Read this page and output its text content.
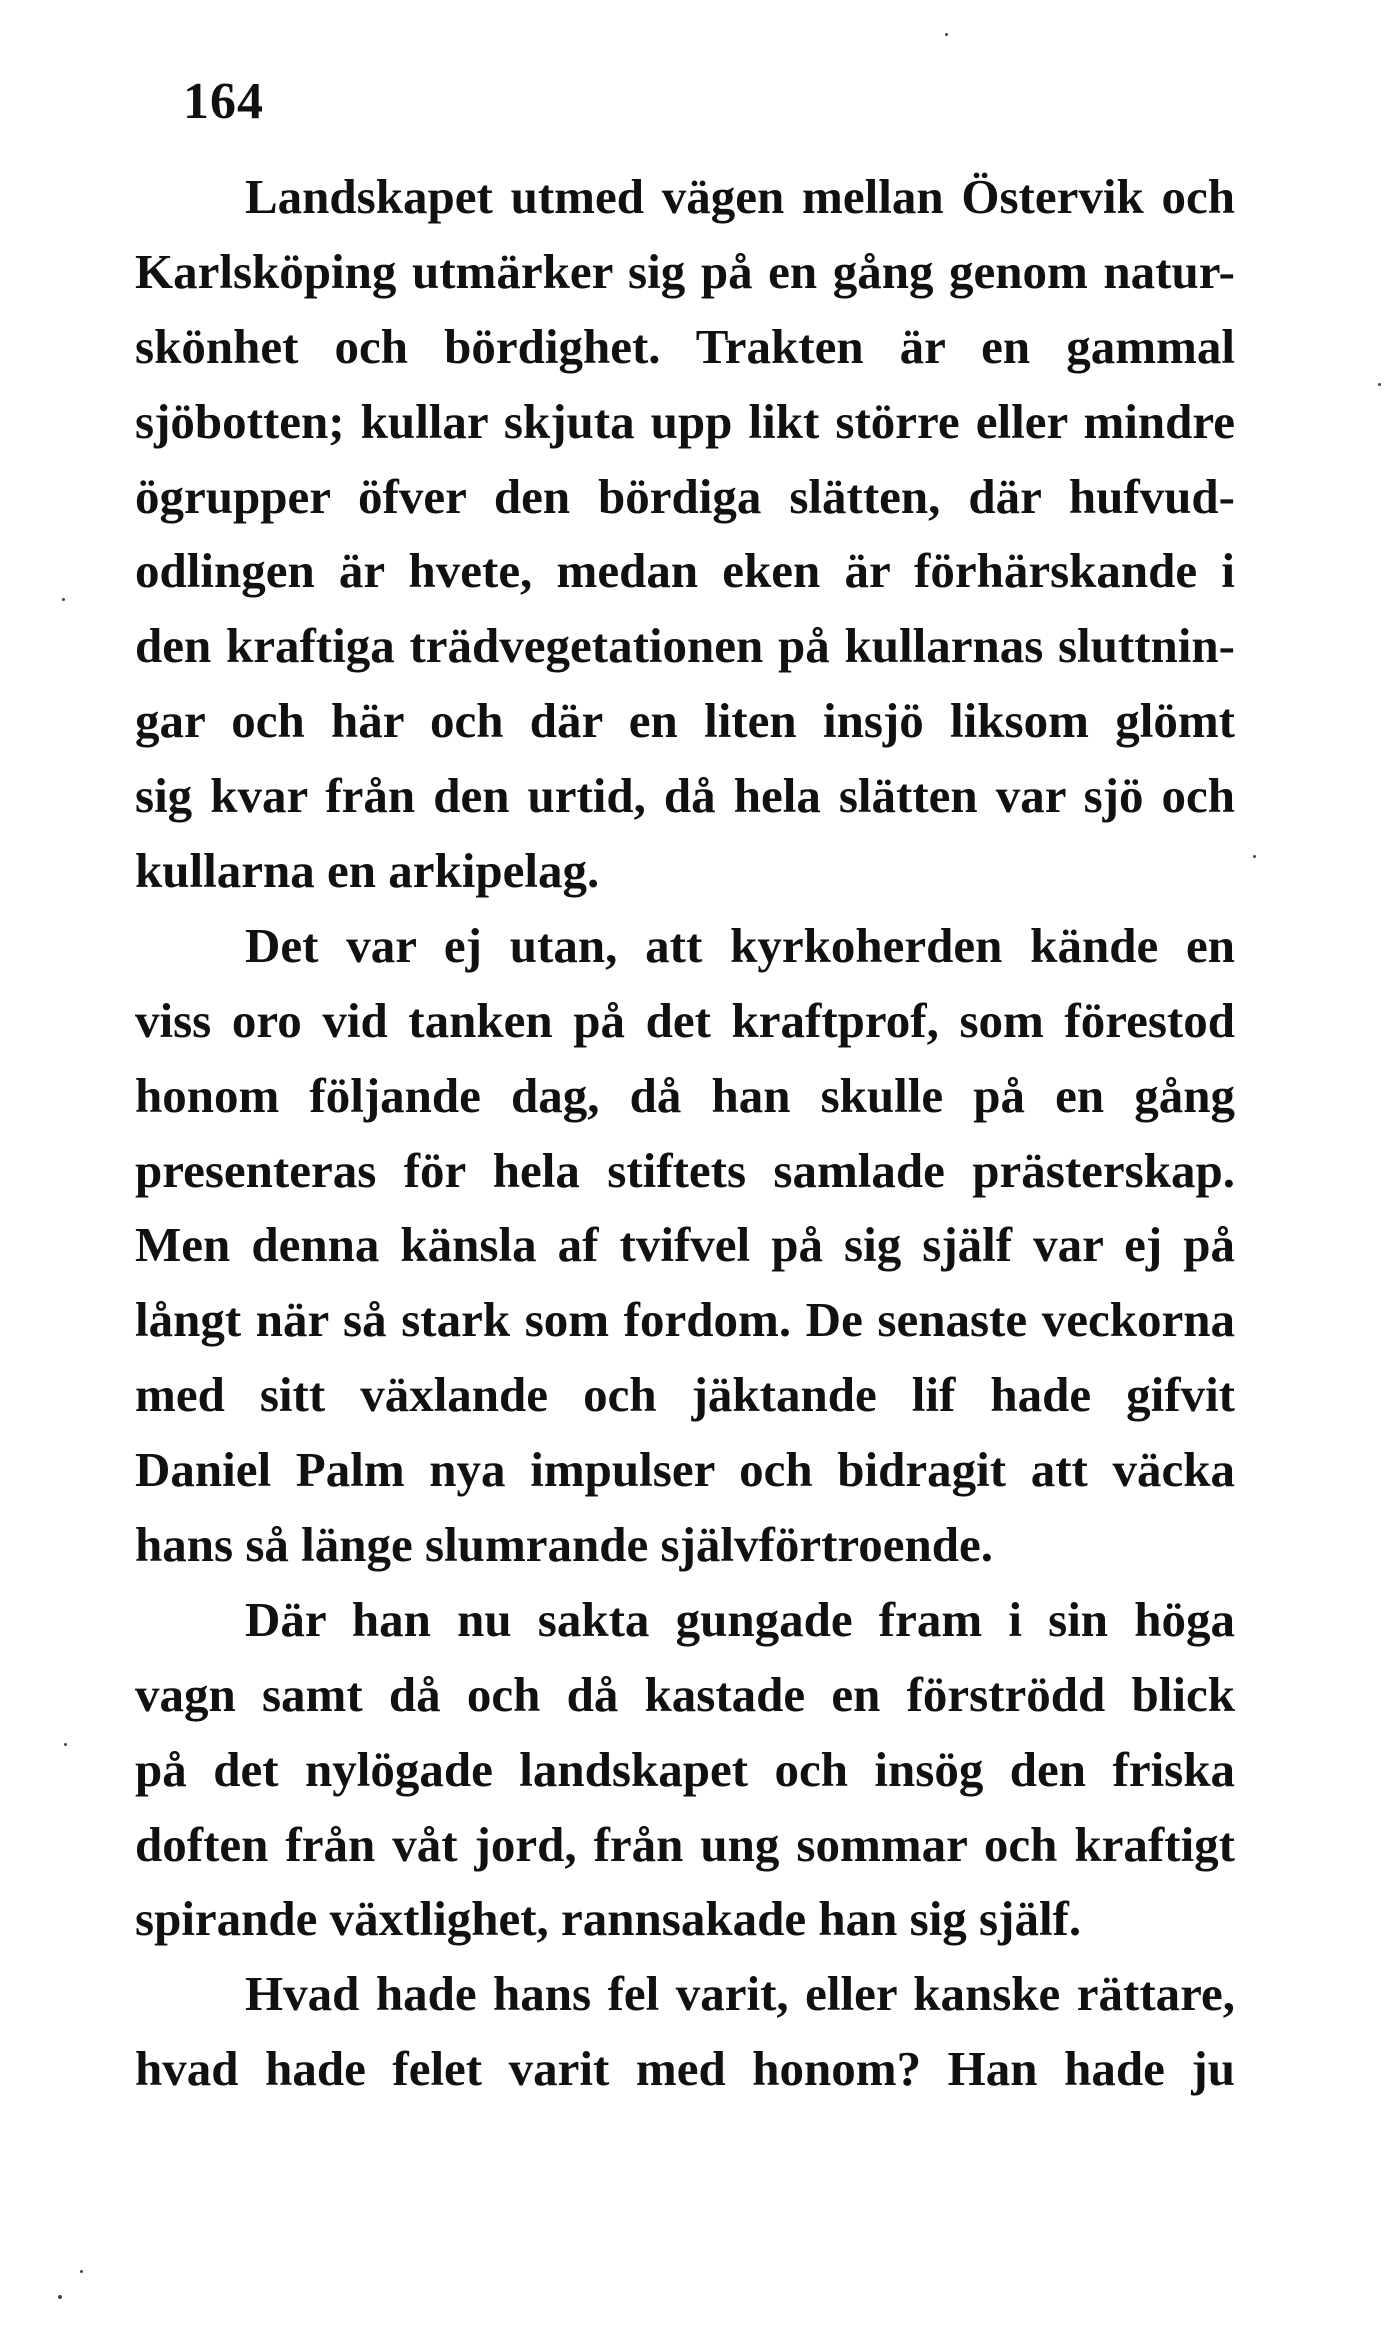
164
Landskapet utmed vägen mellan Östervik och
Karlsköping utmärker sig på en gång genom natur-
skönhet och bördighet. Trakten är en gammal
sjöbotten; kullar skjuta upp likt större eller mindre
ögrupper öfver den bördiga slätten, där hufvud-
odlingen är hvete, medan eken är förhärskande i
den kraftiga trädvegetationen på kullarnas sluttnin-
gar och här och där en liten insjö liksom glömt
sig kvar från den urtid, då hela slätten var sjö och
kullarna en arkipelag.
Det var ej utan, att kyrkoherden kände en
viss oro vid tanken på det kraftprof, som förestod
honom följande dag, då han skulle på en gång
presenteras för hela stiftets samlade prästerskap.
Men denna känsla af tvifvel på sig själf var ej på
långt när så stark som fordom. De senaste veckorna
med sitt växlande och jäktande lif hade gifvit
Daniel Palm nya impulser och bidragit att väcka
hans så länge slumrande självförtroende.
Där han nu sakta gungade fram i sin höga
vagn samt då och då kastade en förströdd blick
på det nylögade landskapet och insög den friska
doften från våt jord, från ung sommar och kraftigt
spirande växtlighet, rannsakade han sig själf.
Hvad hade hans fel varit, eller kanske rättare,
hvad hade felet varit med honom? Han hade ju
